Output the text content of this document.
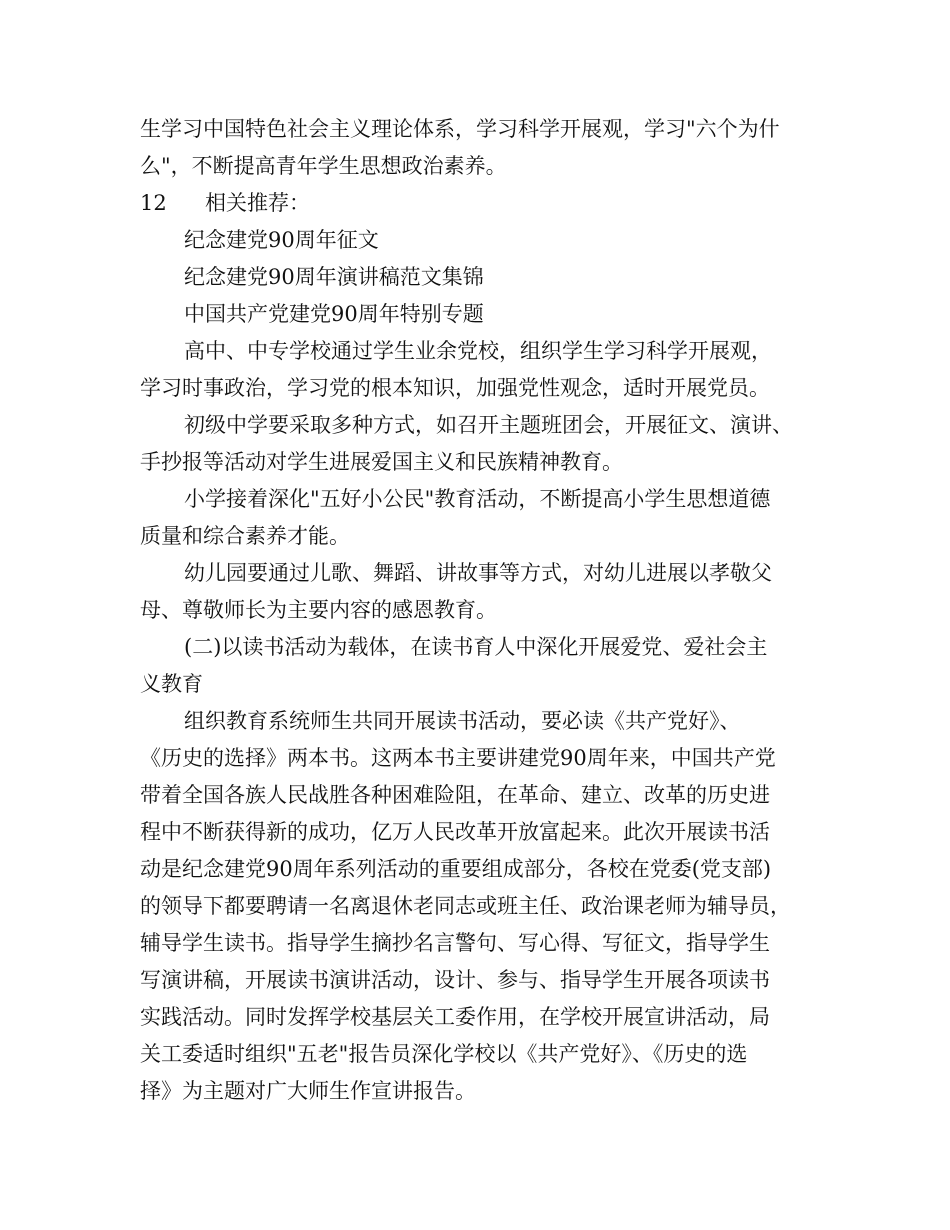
生学习中国特色社会主义理论体系，学习科学开展观，学习"六个为什
么"，不断提高青年学生思想政治素养。
12 相关推荐：
纪念建党90周年征文
纪念建党90周年演讲稿范文集锦
中国共产党建党90周年特别专题
高中、中专学校通过学生业余党校，组织学生学习科学开展观，
学习时事政治，学习党的根本知识，加强党性观念，适时开展党员。
初级中学要采取多种方式，如召开主题班团会，开展征文、演讲、
手抄报等活动对学生进展爱国主义和民族精神教育。
小学接着深化"五好小公民"教育活动，不断提高小学生思想道德
质量和综合素养才能。
幼儿园要通过儿歌、舞蹈、讲故事等方式，对幼儿进展以孝敬父
母、尊敬师长为主要内容的感恩教育。
(二)以读书活动为载体，在读书育人中深化开展爱党、爱社会主
义教育
组织教育系统师生共同开展读书活动，要必读《共产党好》、
《历史的选择》两本书。这两本书主要讲建党90周年来，中国共产党
带着全国各族人民战胜各种困难险阻，在革命、建立、改革的历史进
程中不断获得新的成功，亿万人民改革开放富起来。此次开展读书活
动是纪念建党90周年系列活动的重要组成部分，各校在党委(党支部)
的领导下都要聘请一名离退休老同志或班主任、政治课老师为辅导员，
辅导学生读书。指导学生摘抄名言警句、写心得、写征文，指导学生
写演讲稿，开展读书演讲活动，设计、参与、指导学生开展各项读书
实践活动。同时发挥学校基层关工委作用，在学校开展宣讲活动，局
关工委适时组织"五老"报告员深化学校以《共产党好》、《历史的选
择》为主题对广大师生作宣讲报告。
